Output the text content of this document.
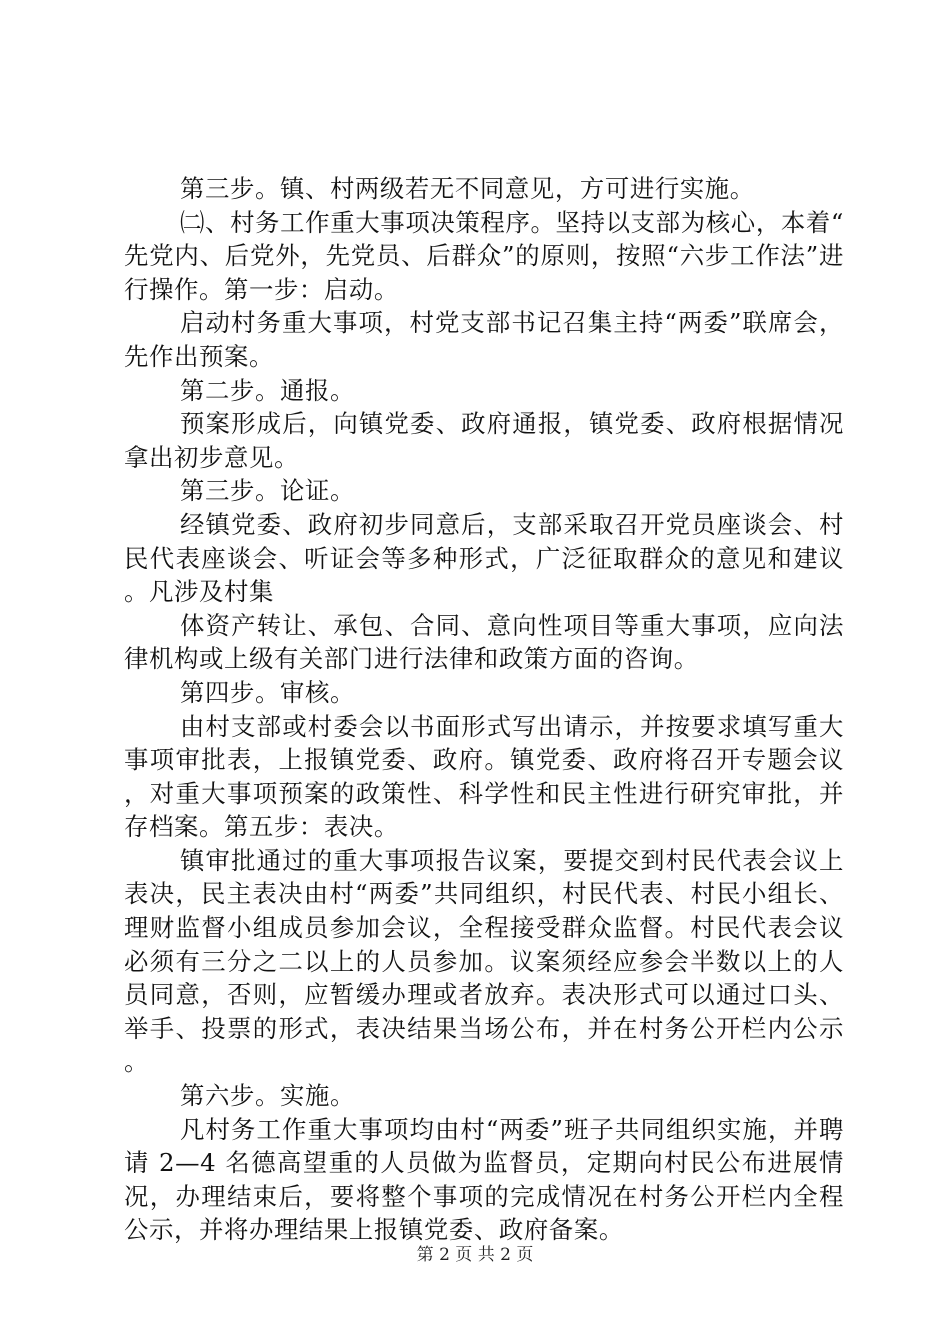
第三步。镇、村两级若无不同意见，方可进行实施。

㈡、村务工作重大事项决策程序。坚持以支部为核心，本着“先党内、后党外，先党员、后群众”的原则，按照“六步工作法”进行操作。第一步：启动。

启动村务重大事项，村党支部书记召集主持“两委”联席会，先作出预案。

第二步。通报。

预案形成后，向镇党委、政府通报，镇党委、政府根据情况拿出初步意见。

第三步。论证。

经镇党委、政府初步同意后，支部采取召开党员座谈会、村民代表座谈会、听证会等多种形式，广泛征取群众的意见和建议。凡涉及村集

体资产转让、承包、合同、意向性项目等重大事项，应向法律机构或上级有关部门进行法律和政策方面的咨询。

第四步。审核。

由村支部或村委会以书面形式写出请示，并按要求填写重大事项审批表，上报镇党委、政府。镇党委、政府将召开专题会议，对重大事项预案的政策性、科学性和民主性进行研究审批，并存档案。第五步：表决。

镇审批通过的重大事项报告议案，要提交到村民代表会议上表决，民主表决由村“两委”共同组织，村民代表、村民小组长、理财监督小组成员参加会议，全程接受群众监督。村民代表会议必须有三分之二以上的人员参加。议案须经应参会半数以上的人员同意，否则，应暂缓办理或者放弃。表决形式可以通过口头、举手、投票的形式，表决结果当场公布，并在村务公开栏内公示。

第六步。实施。

凡村务工作重大事项均由村“两委”班子共同组织实施，并聘请 2—4 名德高望重的人员做为监督员，定期向村民公布进展情况，办理结束后，要将整个事项的完成情况在村务公开栏内全程公示，并将办理结果上报镇党委、政府备案。

第 2 页 共 2 页
